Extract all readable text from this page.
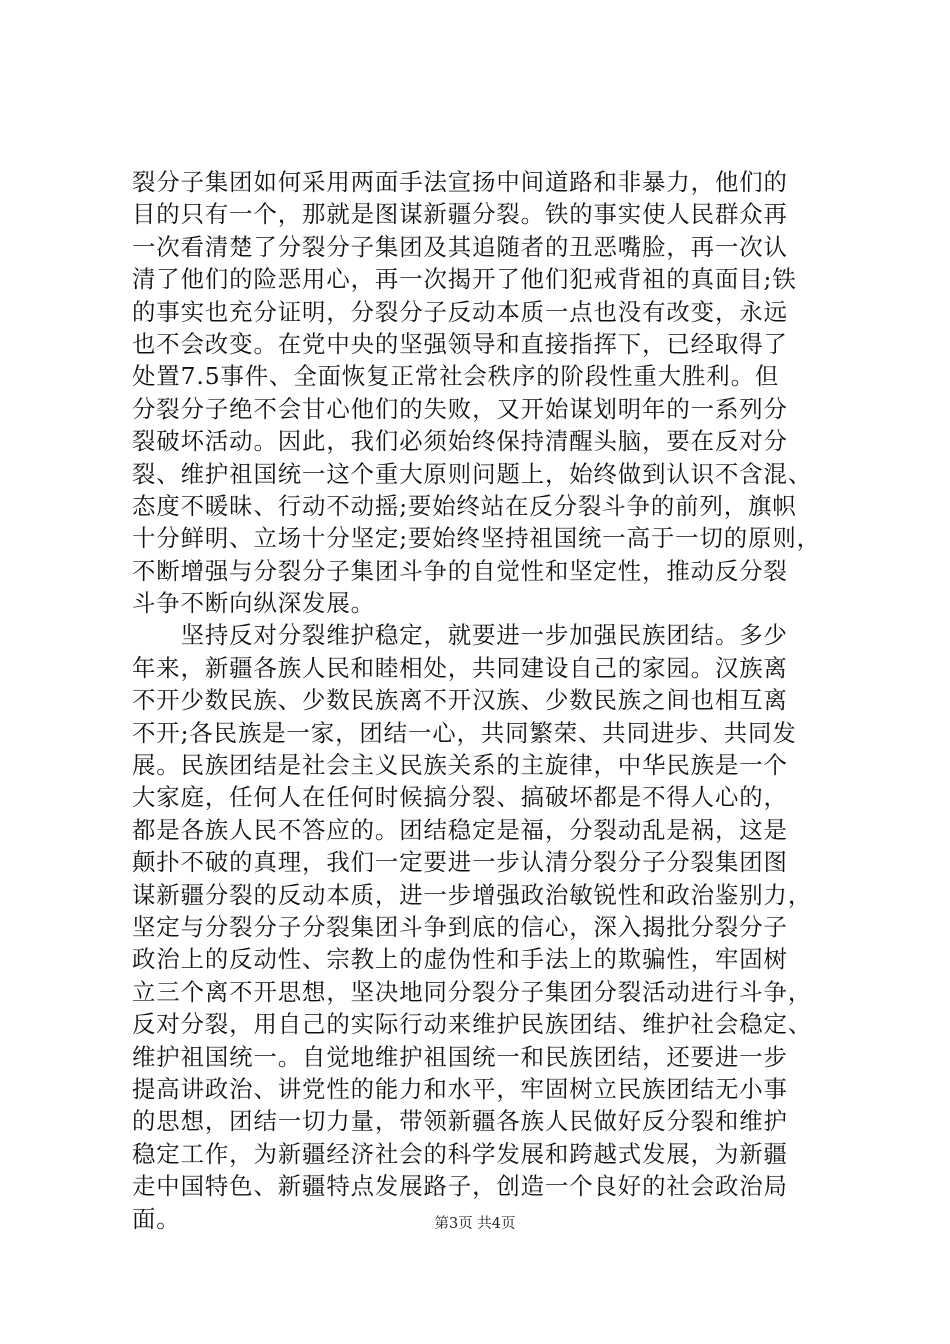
裂分子集团如何采用两面手法宣扬中间道路和非暴力，他们的
目的只有一个，那就是图谋新疆分裂。铁的事实使人民群众再
一次看清楚了分裂分子集团及其追随者的丑恶嘴脸，再一次认
清了他们的险恶用心，再一次揭开了他们犯戒背祖的真面目;铁
的事实也充分证明，分裂分子反动本质一点也没有改变，永远
也不会改变。在党中央的坚强领导和直接指挥下，已经取得了
处置7.5事件、全面恢复正常社会秩序的阶段性重大胜利。但
分裂分子绝不会甘心他们的失败，又开始谋划明年的一系列分
裂破坏活动。因此，我们必须始终保持清醒头脑，要在反对分
裂、维护祖国统一这个重大原则问题上，始终做到认识不含混、
态度不暖昧、行动不动摇;要始终站在反分裂斗争的前列，旗帜
十分鲜明、立场十分坚定;要始终坚持祖国统一高于一切的原则，
不断增强与分裂分子集团斗争的自觉性和坚定性，推动反分裂
斗争不断向纵深发展。
　　坚持反对分裂维护稳定，就要进一步加强民族团结。多少
年来，新疆各族人民和睦相处，共同建设自己的家园。汉族离
不开少数民族、少数民族离不开汉族、少数民族之间也相互离
不开;各民族是一家，团结一心，共同繁荣、共同进步、共同发
展。民族团结是社会主义民族关系的主旋律，中华民族是一个
大家庭，任何人在任何时候搞分裂、搞破坏都是不得人心的，
都是各族人民不答应的。团结稳定是福，分裂动乱是祸，这是
颠扑不破的真理，我们一定要进一步认清分裂分子分裂集团图
谋新疆分裂的反动本质，进一步增强政治敏锐性和政治鉴别力，
坚定与分裂分子分裂集团斗争到底的信心，深入揭批分裂分子
政治上的反动性、宗教上的虚伪性和手法上的欺骗性，牢固树
立三个离不开思想，坚决地同分裂分子集团分裂活动进行斗争，
反对分裂，用自己的实际行动来维护民族团结、维护社会稳定、
维护祖国统一。自觉地维护祖国统一和民族团结，还要进一步
提高讲政治、讲党性的能力和水平，牢固树立民族团结无小事
的思想，团结一切力量，带领新疆各族人民做好反分裂和维护
稳定工作，为新疆经济社会的科学发展和跨越式发展，为新疆
走中国特色、新疆特点发展路子，创造一个良好的社会政治局
面。	第3页 共4页
